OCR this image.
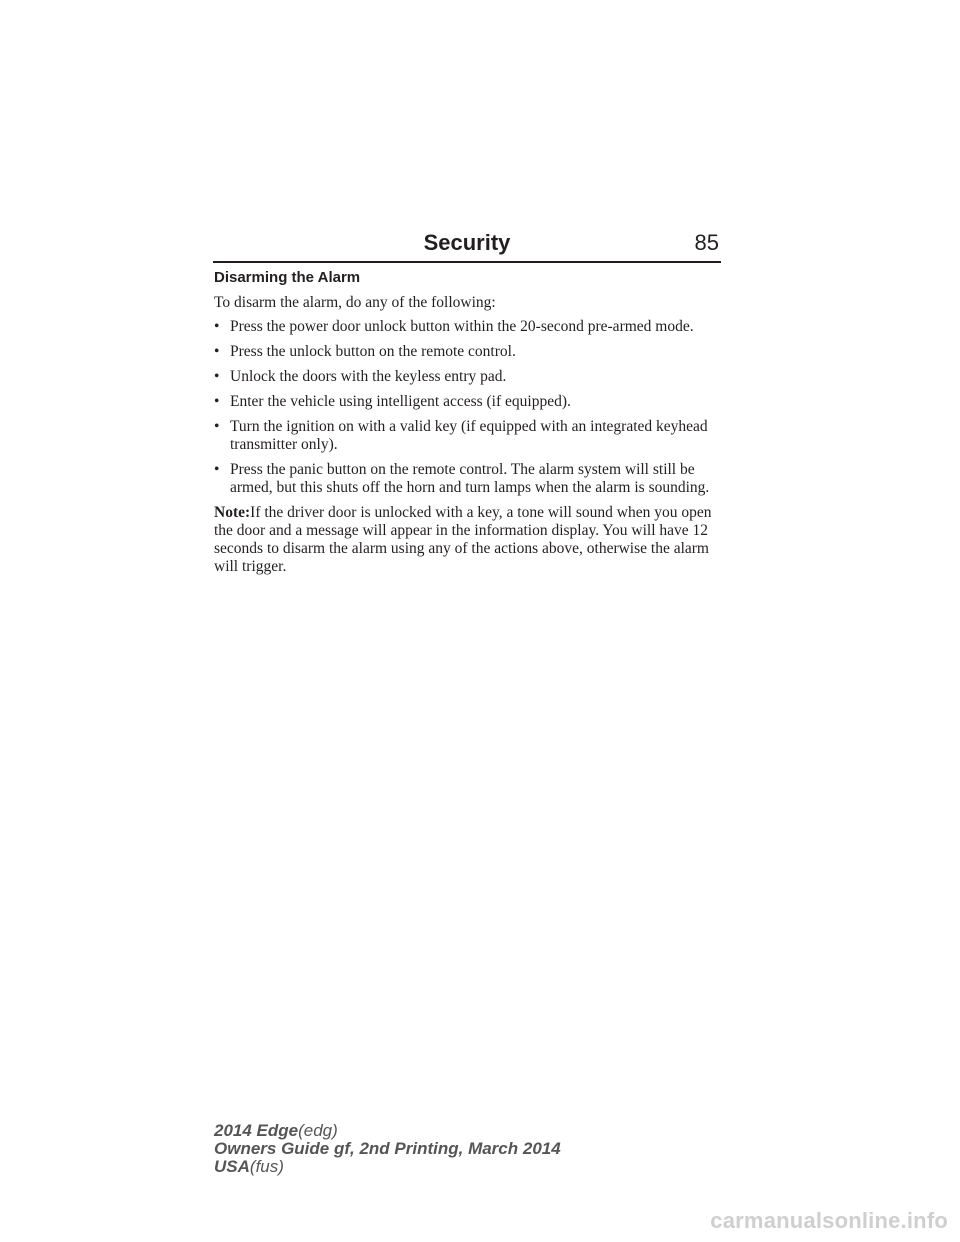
Security	85
Disarming the Alarm

To disarm the alarm, do any of the following:

• Press the power door unlock button within the 20-second pre-armed mode.
• Press the unlock button on the remote control.
• Unlock the doors with the keyless entry pad.
• Enter the vehicle using intelligent access (if equipped).
• Turn the ignition on with a valid key (if equipped with an integrated keyhead transmitter only).
• Press the panic button on the remote control. The alarm system will still be armed, but this shuts off the horn and turn lamps when the alarm is sounding.

Note:If the driver door is unlocked with a key, a tone will sound when you open the door and a message will appear in the information display. You will have 12 seconds to disarm the alarm using any of the actions above, otherwise the alarm will trigger.

2014 Edge(edg)
Owners Guide gf, 2nd Printing, March 2014
USA(fus)
carmanualsonline.info
